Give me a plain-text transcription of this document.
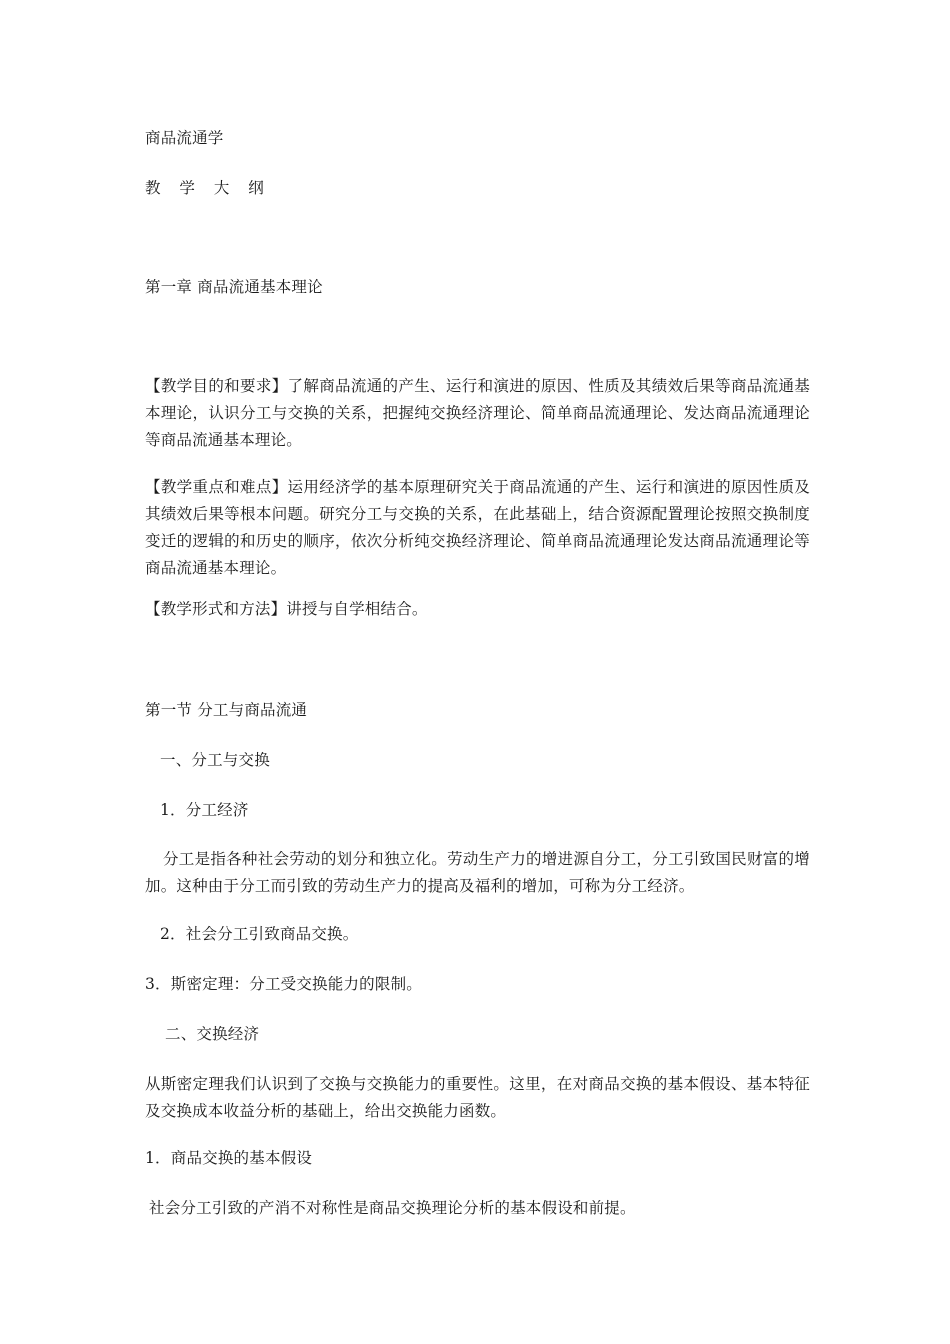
商品流通学
教 学 大 纲
第一章 商品流通基本理论
【教学目的和要求】了解商品流通的产生、运行和演进的原因、性质及其绩效后果等商品流通基本理论，认识分工与交换的关系，把握纯交换经济理论、简单商品流通理论、发达商品流通理论等商品流通基本理论。
【教学重点和难点】运用经济学的基本原理研究关于商品流通的产生、运行和演进的原因性质及其绩效后果等根本问题。研究分工与交换的关系，在此基础上，结合资源配置理论按照交换制度变迁的逻辑的和历史的顺序，依次分析纯交换经济理论、简单商品流通理论发达商品流通理论等商品流通基本理论。
【教学形式和方法】讲授与自学相结合。
第一节 分工与商品流通
一、分工与交换
1．分工经济
分工是指各种社会劳动的划分和独立化。劳动生产力的增进源自分工，分工引致国民财富的增加。这种由于分工而引致的劳动生产力的提高及福利的增加，可称为分工经济。
2．社会分工引致商品交换。
3．斯密定理：分工受交换能力的限制。
二、交换经济
从斯密定理我们认识到了交换与交换能力的重要性。这里，在对商品交换的基本假设、基本特征及交换成本收益分析的基础上，给出交换能力函数。
1．商品交换的基本假设
社会分工引致的产消不对称性是商品交换理论分析的基本假设和前提。
